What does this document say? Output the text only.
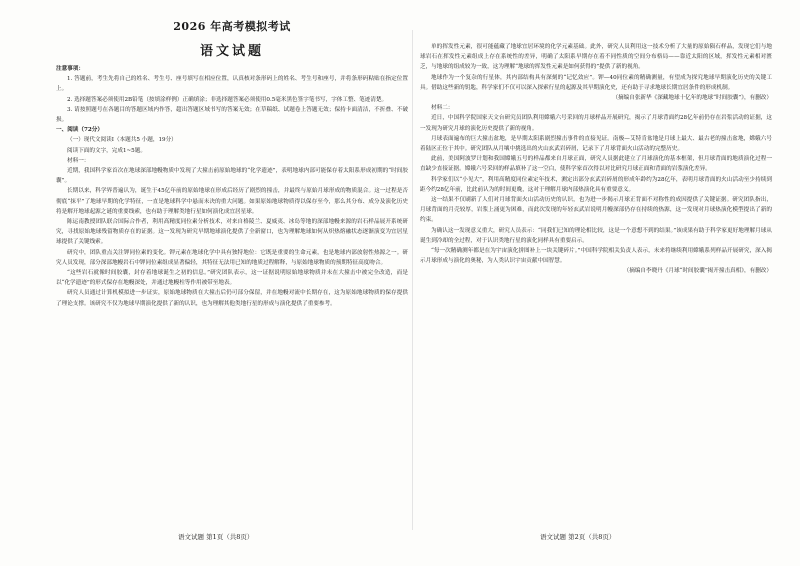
2026 年高考模拟考试
语文试题

注意事项：

1. 答题前，考生先将自己的姓名、考生号、座号填写在相应位置，认真核对条形码上的姓名、考生号和座号，并将条形码粘贴在指定位置上。

2. 选择题答案必须使用2B铅笔（按填涂样例）正确填涂；非选择题答案必须使用0.5毫米黑色签字笔书写，字体工整、笔迹清楚。

3. 请按照题号在各题目的答题区域内作答，超出答题区域书写的答案无效；在草稿纸、试题卷上答题无效；保持卡面清洁，不折叠、不破损。

一、阅读（72分）

（一）现代文阅读Ⅰ（本题共5 小题，19分）

阅读下面的文字，完成1~5题。

材料一：

近期，我国科学家首次在地球深部地幔物质中发现了大撞击前原始地球的“化学遗迹”，表明地球内部可能保存着太阳系形成初期的“时间胶囊”。

长期以来，科学界普遍认为，诞生于45亿年前的原始地球在形成后经历了剧烈的撞击，并最终与原始月球形成的物质混合。这一过程是否彻底“抹平”了地球早期的化学特征，一直是地球科学中悬而未决的重大问题。如果原始地球物质得以保存至今，那么其分布、成分及演化历史将是解开地球起源之谜的重要线索，也有助于理解类地行星如何演化成宜居星球。

陈运南教授团队联合国际合作者，利用高精度同位素分析技术，对来自格陵兰、夏威夷、冰岛等地的深部地幔来源的岩石样品展开系统研究，寻找原始地球残留物质存在的证据。这一发现为研究早期地球演化提供了全新窗口，也为理解地球如何从炽热熔融状态逐渐演变为宜居星球提供了关键线索。

研究中，团队重点关注钾同位素的变化。钾元素在地球化学中具有独特地位：它既是重要的生命元素，也是地球内部放射性热源之一。研究人员发现，部分深部地幔岩石中钾同位素组成显著偏轻，其特征无法用已知的地质过程解释，与原始地球物质的预期特征高度吻合。

“这些岩石就像时间胶囊，封存着地球诞生之初的信息。”研究团队表示，这一证据说明原始地球物质并未在大撞击中被完全改造，而是以“化学遗迹”的形式保存在地幔深处，并通过地幔柱等作用被带至地表。

研究人员通过计算机模拟进一步证实，原始地球物质在大撞击后仍可部分保留，并在地幔对流中长期存在，这为原始地球物质的保存提供了理论支撑。该研究不仅为地球早期演化提供了新的认识，也为理解其他类地行星的形成与演化提供了重要参考。

单的挥发性元素，很可能蕴藏了地球宜居环境的化学元素基础。此外，研究人员利用这一技术分析了大量的原始陨石样品，发现它们与地球岩石在挥发性元素组成上存在系统性的差异，明确了太阳系早期存在着不同性质的空间分布格局——靠近太阳的区域，挥发性元素相对匮乏，与地球的组成较为一致，这为理解“地球的挥发性元素是如何获得的”提供了新的视角。

地球作为一个复杂的行星体，其内部结构具有深刻的“记忆效应”。钾—40同位素的精确测量，有望成为探究地球早期演化历史的关键工具。借助这些新的钥匙，科学家们不仅可以深入探索行星的起源及其早期演化史，还有助于寻求地球长期宜居条件的形成机制。

（摘编自张新华《深藏地球十亿年的地球“时间胶囊”》，有删改）

材料二：

近日，中国科学院国家天文台研究员团队利用嫦娥六号采回的月球样品开展研究，揭示了月球背面约28亿年前仍存在岩浆活动的证据，这一发现为研究月球的演化历史提供了新的视角。

月球表面遍布的巨大撞击盆地，是早期太阳系剧烈撞击事件的直接见证。南极—艾特肯盆地是月球上最大、最古老的撞击盆地，嫦娥六号着陆区正位于其中。研究团队从月壤中挑选出的火山玄武岩碎屑，记录下了月球背面火山活动的完整历史。

此前，美国阿波罗计划和我国嫦娥五号的样品都来自月球正面，研究人员据此建立了月球演化的基本框架，但月球背面的地质演化过程一直缺少直接证据。嫦娥六号采回的样品填补了这一空白，使科学家首次得以对比研究月球正面和背面的岩浆演化差异。

科学家们以“小见大”，利用高精度同位素定年技术，测定出部分玄武岩碎屑的形成年龄约为28亿年，表明月球背面的火山活动至少持续到距今约28亿年前，比此前认为的时间更晚，这对于理解月球内部热演化具有重要意义。

这一结果不仅刷新了人们对月球背面火山活动历史的认识，也为进一步揭示月球正背面不对称性的成因提供了关键证据。研究团队指出，月球背面的月壳较厚，岩浆上涌更为困难，而此次发现的年轻玄武岩说明月幔深部仍存在持续的热源，这一发现对月球热演化模型提出了新的约束。

为确认这一发现意义重大，研究人员表示：“同我们已知的理论相比较，这是一个意想不到的结果。”该成果有助于科学家更好地理解月球从诞生到冷却的全过程，对于认识类地行星的演化同样具有重要启示。

“每一次精确测年都是在为宇宙演化拼图补上一块关键碎片。”中国科学院相关负责人表示，未来将继续利用嫦娥系列样品开展研究，深入揭示月球形成与演化的奥秘，为人类认识宇宙贡献中国智慧。

（摘编自李晓丹《月球“时间胶囊”揭开撞击真相》，有删改）

语文试题 第1页（共8页）	语文试题 第2页（共8页）
